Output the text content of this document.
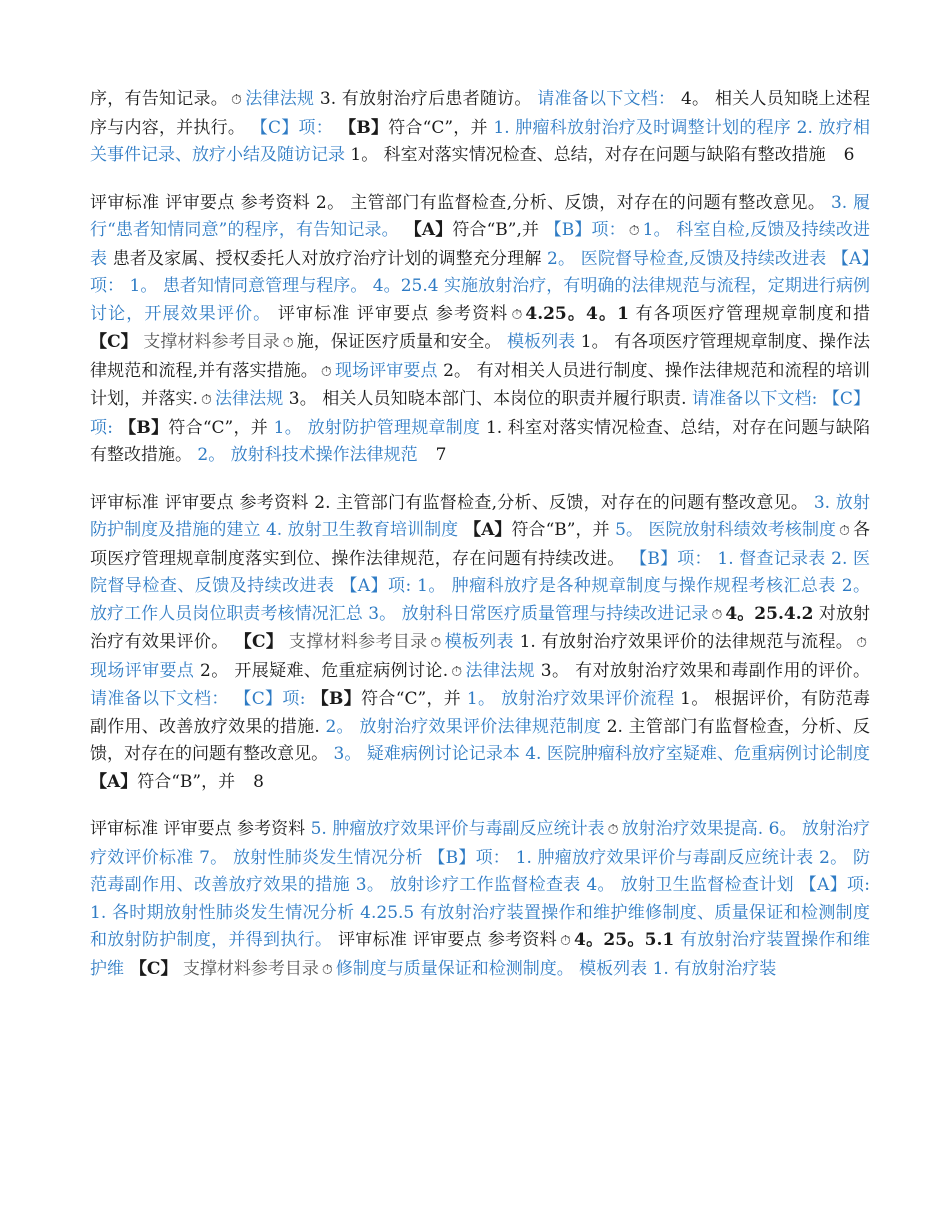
序，有告知记录。 ⏱ 法律法规 3. 有放射治疗后患者随访。 请准备以下文档： 4。 相关人员知晓上述程序与内容，并执行。 【C】项： 【B】符合“C”，并 1. 肿瘤科放射治疗及时调整计划的程序 2. 放疗相关事件记录、放疗小结及随访记录 1。 科室对落实情况检查、总结，对存在问题与缺陷有整改措施 6

评审标准 评审要点 参考资料 2。 主管部门有监督检查,分析、反馈，对存在的问题有整改意见。 3. 履行“患者知情同意”的程序，有告知记录。 【A】符合“B”,并 【B】项： ⏱ 1。 科室自检,反馈及持续改进表 患者及家属、授权委托人对放疗治疗计划的调整充分理解 2。 医院督导检查,反馈及持续改进表 【A】项： 1。 患者知情同意管理与程序。 4。25.4 实施放射治疗，有明确的法律规范与流程，定期进行病例讨论，开展效果评价。 评审标准 评审要点 参考资料 ⏱ 4.25。4。1 有各项医疗管理规章制度和措【C】 支撑材料参考目录 ⏱ 施，保证医疗质量和安全。 模板列表 1。 有各项医疗管理规章制度、操作法律规范和流程,并有落实措施。 ⏱ 现场评审要点 2。 有对相关人员进行制度、操作法律规范和流程的培训计划，并落实. ⏱ 法律法规 3。 相关人员知晓本部门、本岗位的职责并履行职责. 请准备以下文档: 【C】项: 【B】符合“C”，并 1。 放射防护管理规章制度 1. 科室对落实情况检查、总结，对存在问题与缺陷有整改措施。 2。 放射科技术操作法律规范 7

评审标准 评审要点 参考资料 2. 主管部门有监督检查,分析、反馈，对存在的问题有整改意见。 3. 放射防护制度及措施的建立 4. 放射卫生教育培训制度 【A】符合“B”，并 5。 医院放射科绩效考核制度 ⏱ 各项医疗管理规章制度落实到位、操作法律规范，存在问题有持续改进。 【B】项： 1. 督查记录表 2. 医院督导检查、反馈及持续改进表 【A】项: 1。 肿瘤科放疗是各种规章制度与操作规程考核汇总表 2。 放疗工作人员岗位职责考核情况汇总 3。 放射科日常医疗质量管理与持续改进记录 ⏱ 4。25.4.2 对放射治疗有效果评价。 【C】 支撑材料参考目录 ⏱ 模板列表 1. 有放射治疗效果评价的法律规范与流程。 ⏱现场评审要点 2。 开展疑难、危重症病例讨论. ⏱ 法律法规 3。 有对放射治疗效果和毒副作用的评价。 请准备以下文档： 【C】项: 【B】符合“C”，并 1。 放射治疗效果评价流程 1。 根据评价，有防范毒副作用、改善放疗效果的措施. 2。 放射治疗效果评价法律规范制度 2. 主管部门有监督检查，分析、反馈，对存在的问题有整改意见。 3。 疑难病例讨论记录本 4. 医院肿瘤科放疗室疑难、危重病例讨论制度 【A】符合“B”，并 8

评审标准 评审要点 参考资料 5. 肿瘤放疗效果评价与毒副反应统计表 ⏱ 放射治疗效果提高. 6。 放射治疗疗效评价标准 7。 放射性肺炎发生情况分析 【B】项： 1. 肿瘤放疗效果评价与毒副反应统计表 2。 防范毒副作用、改善放疗效果的措施 3。 放射诊疗工作监督检查表 4。 放射卫生监督检查计划 【A】项: 1. 各时期放射性肺炎发生情况分析 4.25.5 有放射治疗装置操作和维护维修制度、质量保证和检测制度和放射防护制度，并得到执行。 评审标准 评审要点 参考资料 ⏱ 4。25。5.1 有放射治疗装置操作和维护维 【C】 支撑材料参考目录 ⏱ 修制度与质量保证和检测制度。 模板列表 1. 有放射治疗装
